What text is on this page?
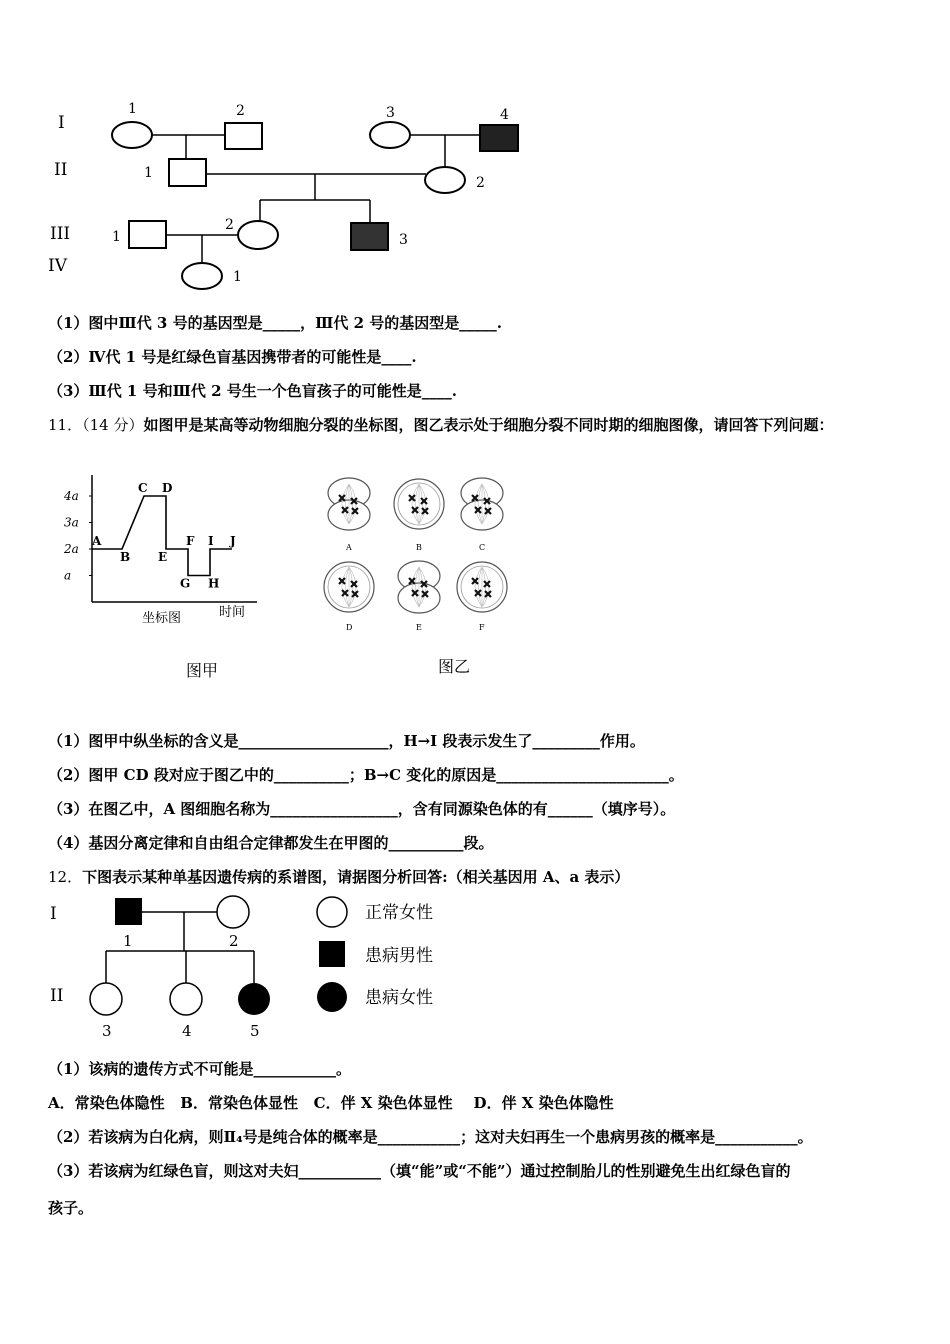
I
II
III
IV
1	2	3	4
1
2
1
2
3
1
（1）图中Ⅲ代 3 号的基因型是_____，Ⅲ代 2 号的基因型是_____.
（2）Ⅳ代 1 号是红绿色盲基因携带者的可能性是____.
（3）Ⅲ代 1 号和Ⅲ代 2 号生一个色盲孩子的可能性是____.
11．（14 分）如图甲是某高等动物细胞分裂的坐标图，图乙表示处于细胞分裂不同时期的细胞图像，请回答下列问题：
4a
3a
2a
a
A
B
C D
E
F
G H
I J
坐标图	时间
图甲
A	B	C
D	E	F
图乙
（1）图甲中纵坐标的含义是____________________，H→I 段表示发生了_________作用。
（2）图甲 CD 段对应于图乙中的__________；B→C 变化的原因是_______________________。
（3）在图乙中，A 图细胞名称为_________________，含有同源染色体的有______（填序号）。
（4）基因分离定律和自由组合定律都发生在甲图的__________段。
12．下图表示某种单基因遗传病的系谱图，请据图分析回答:（相关基因用 A、a 表示）
I
II
1	2
3	4	5
正常女性
患病男性
患病女性
（1）该病的遗传方式不可能是___________。
A．常染色体隐性   B．常染色体显性   C．伴 X 染色体显性    D．伴 X 染色体隐性
（2）若该病为白化病，则Ⅱ₄号是纯合体的概率是___________；这对夫妇再生一个患病男孩的概率是___________。
（3）若该病为红绿色盲，则这对夫妇___________（填“能”或“不能”）通过控制胎儿的性别避免生出红绿色盲的
孩子。
